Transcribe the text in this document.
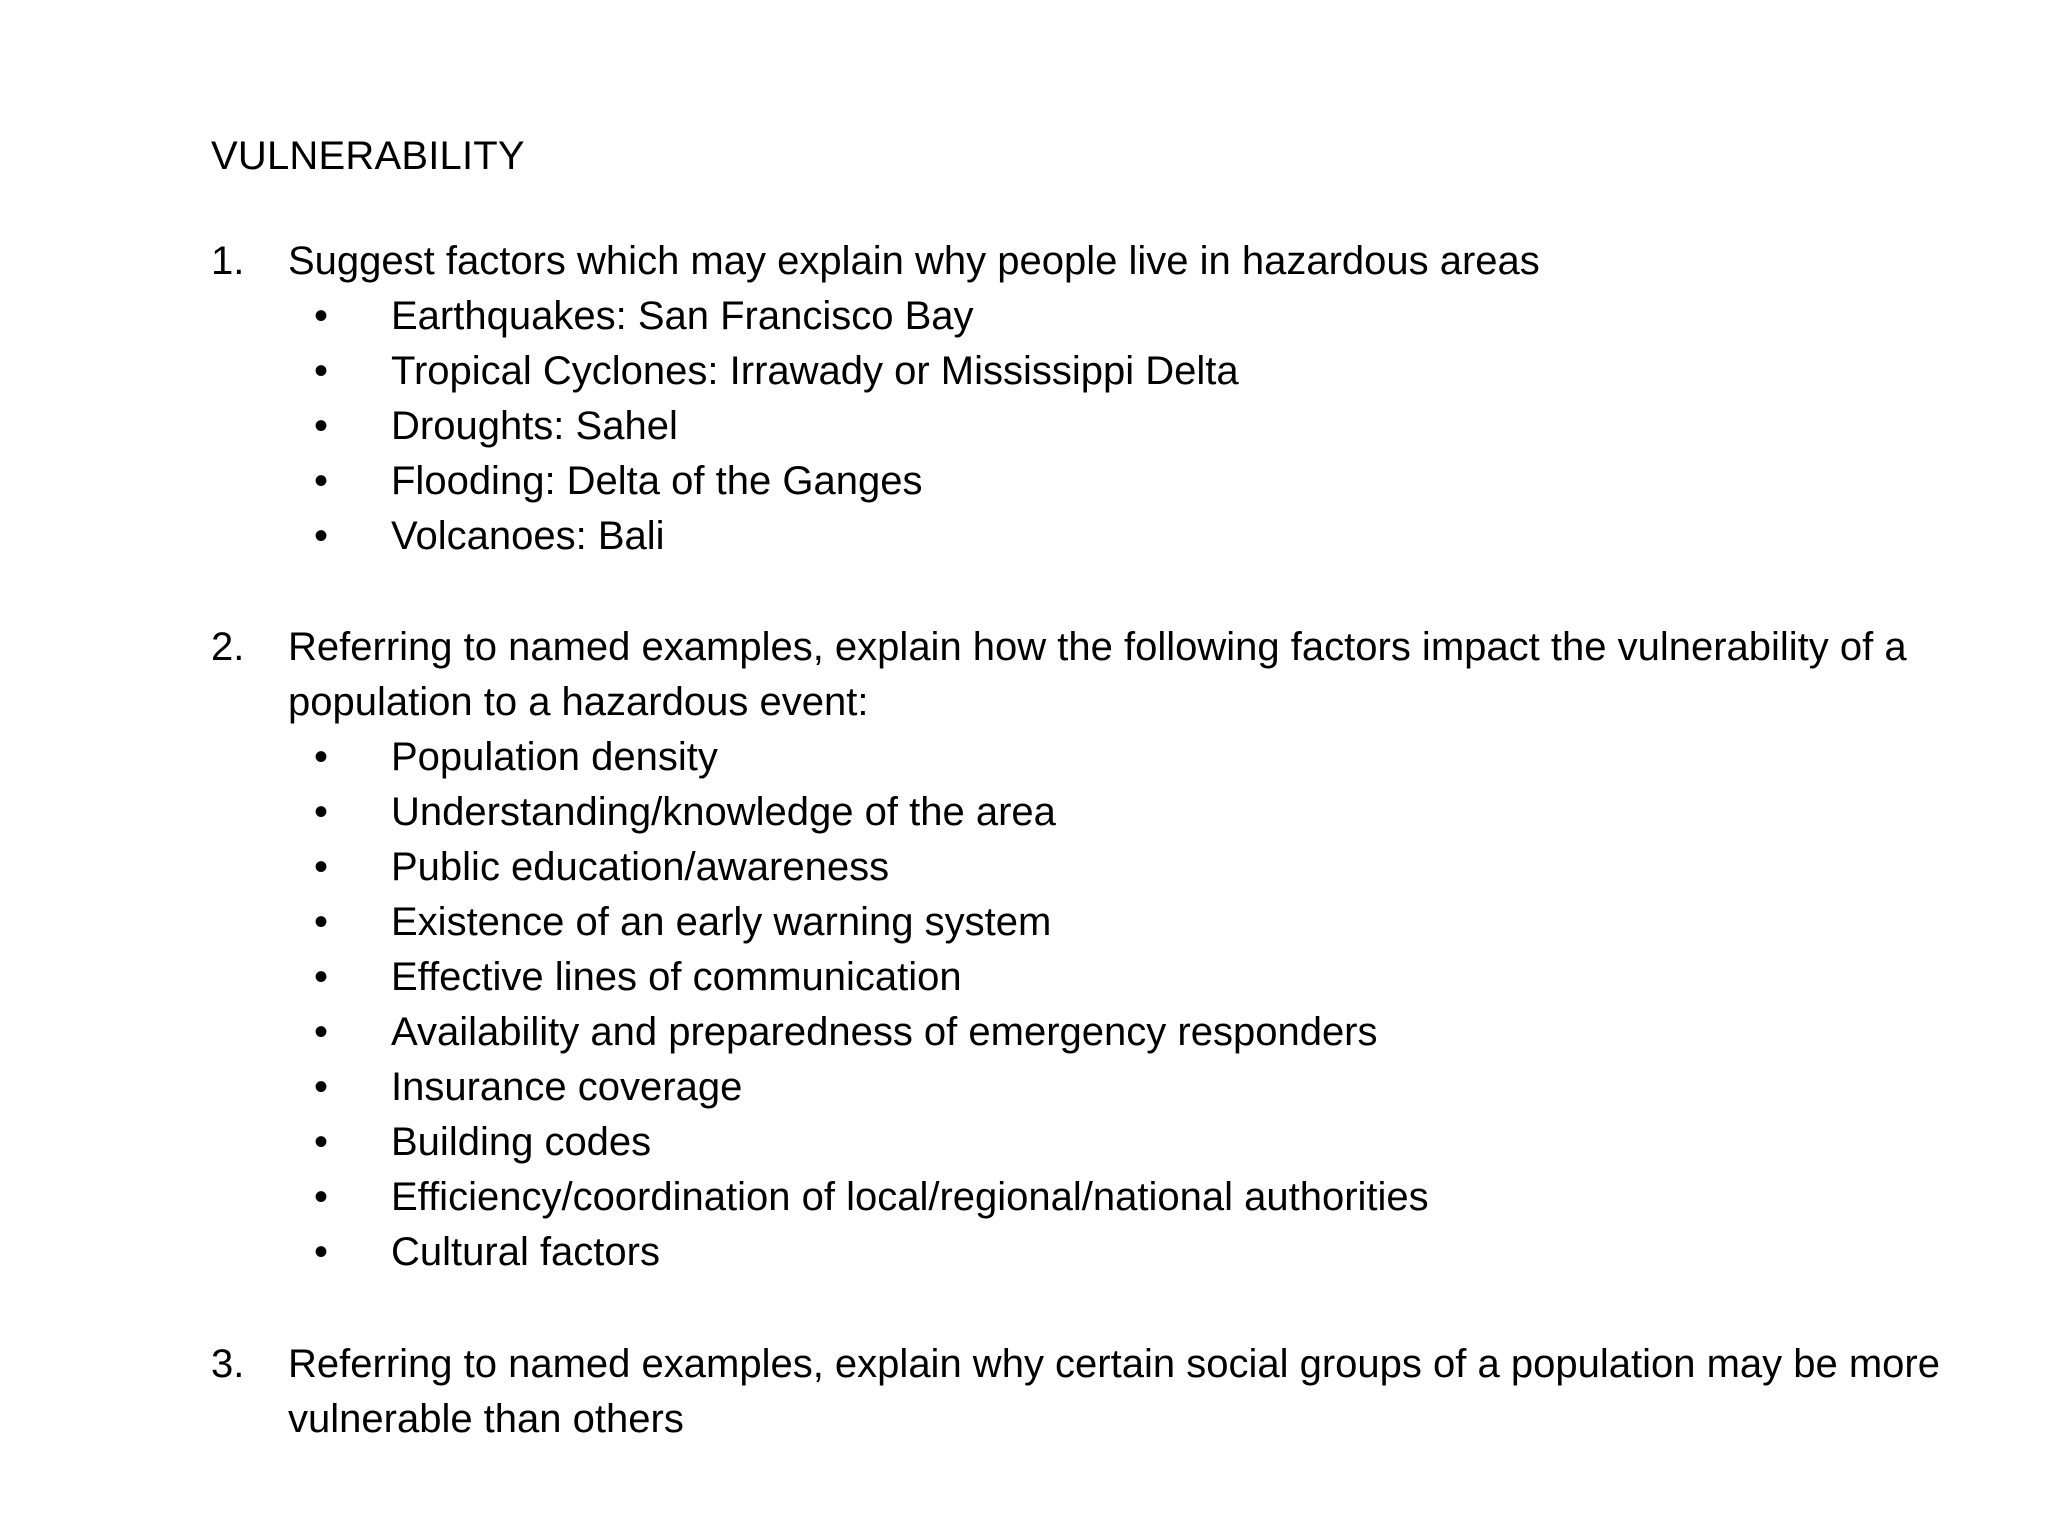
VULNERABILITY
1.	Suggest factors which may explain why people live in hazardous areas
• Earthquakes: San Francisco Bay
• Tropical Cyclones: Irrawady or Mississippi Delta
• Droughts: Sahel
• Flooding: Delta of the Ganges
• Volcanoes: Bali
2.	Referring to named examples, explain how the following factors impact the vulnerability of a population to a hazardous event:
• Population density
• Understanding/knowledge of the area
• Public education/awareness
• Existence of an early warning system
• Effective lines of communication
• Availability and preparedness of emergency responders
• Insurance coverage
• Building codes
• Efficiency/coordination of local/regional/national authorities
• Cultural factors
3.	Referring to named examples, explain why certain social groups of a population may be more vulnerable than others
